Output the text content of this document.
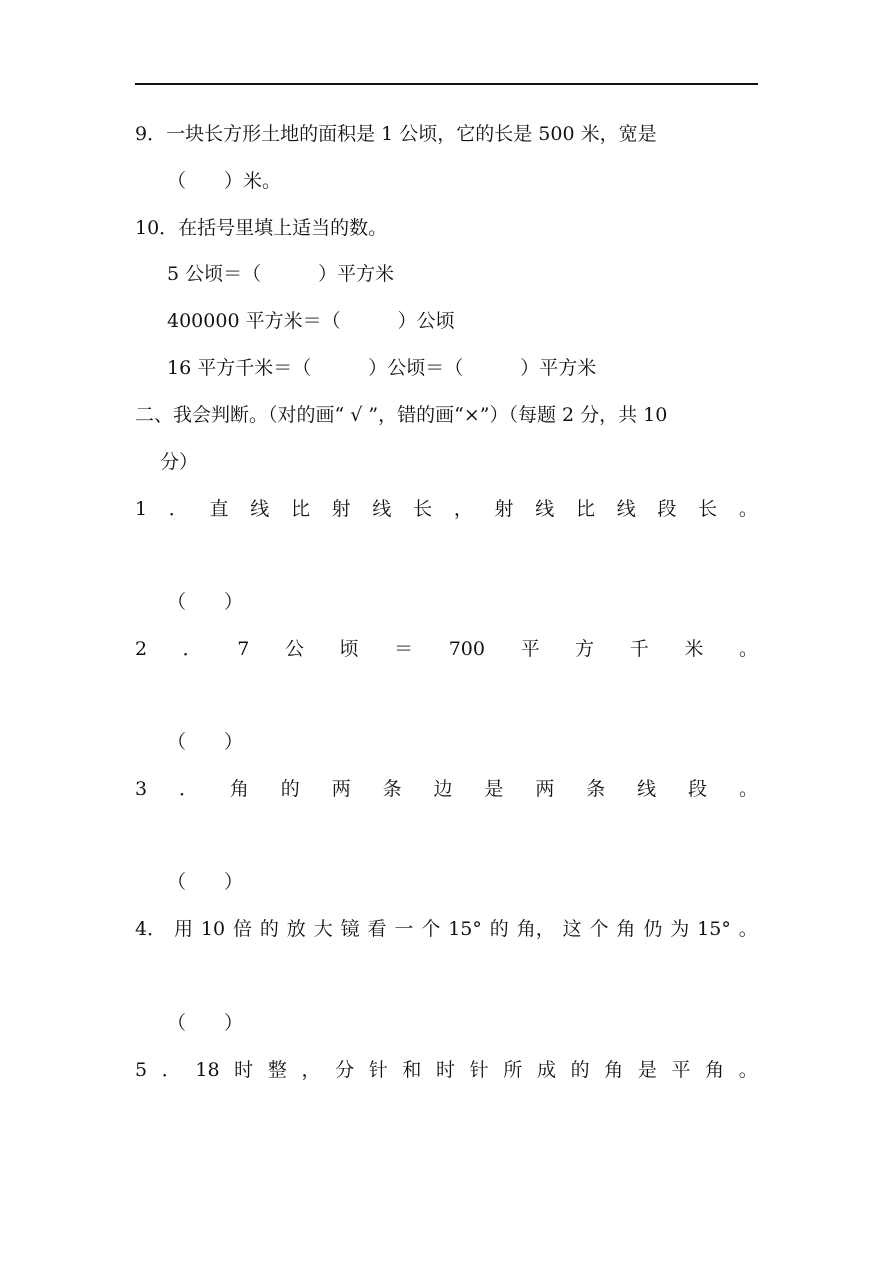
9．一块长方形土地的面积是 1 公顷，它的长是 500 米，宽是
（　　）米。
10．在括号里填上适当的数。
5 公顷＝（　　　）平方米
400000 平方米＝（　　　）公顷
16 平方千米＝（　　　）公顷＝（　　　）平方米
二、我会判断。（对的画“ √ ”，错的画“×”）（每题 2 分，共 10
分）
1 ． 直 线 比 射 线 长 ， 射 线 比 线 段 长 。
（　　）
2 ． 7 公 顷 ＝ 700 平 方 千 米 。
（　　）
3 ． 角 的 两 条 边 是 两 条 线 段 。
（　　）
4． 用 10 倍 的 放 大 镜 看 一 个 15° 的 角， 这 个 角 仍 为 15° 。
（　　）
5 ． 18 时 整 ， 分 针 和 时 针 所 成 的 角 是 平 角 。
